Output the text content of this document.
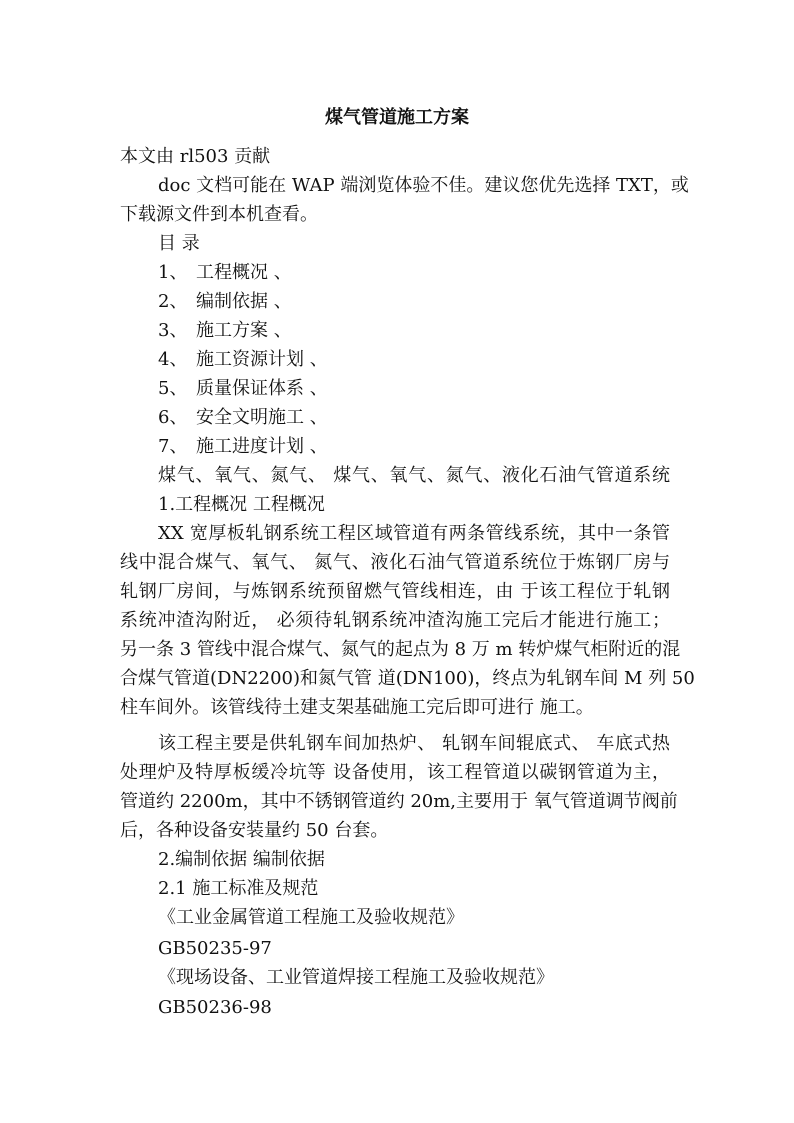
煤气管道施工方案
本文由 rl503 贡献
doc 文档可能在 WAP 端浏览体验不佳。建议您优先选择 TXT，或
下载源文件到本机查看。
目 录
1、 工程概况 、
2、 编制依据 、
3、 施工方案 、
4、 施工资源计划 、
5、 质量保证体系 、
6、 安全文明施工 、
7、 施工进度计划 、
煤气、氧气、氮气、 煤气、氧气、氮气、液化石油气管道系统
1.工程概况 工程概况
XX 宽厚板轧钢系统工程区域管道有两条管线系统，其中一条管
线中混合煤气、氧气、 氮气、液化石油气管道系统位于炼钢厂房与
轧钢厂房间，与炼钢系统预留燃气管线相连，由 于该工程位于轧钢
系统冲渣沟附近， 必须待轧钢系统冲渣沟施工完后才能进行施工；
另一条 3 管线中混合煤气、氮气的起点为 8 万 m 转炉煤气柜附近的混
合煤气管道(DN2200)和氮气管 道(DN100)，终点为轧钢车间 M 列 50
柱车间外。该管线待土建支架基础施工完后即可进行 施工。
该工程主要是供轧钢车间加热炉、 轧钢车间辊底式、 车底式热
处理炉及特厚板缓冷坑等 设备使用，该工程管道以碳钢管道为主，
管道约 2200m，其中不锈钢管道约 20m,主要用于 氧气管道调节阀前
后，各种设备安装量约 50 台套。
2.编制依据 编制依据
2.1 施工标准及规范
《工业金属管道工程施工及验收规范》
GB50235-97
《现场设备、工业管道焊接工程施工及验收规范》
GB50236-98
